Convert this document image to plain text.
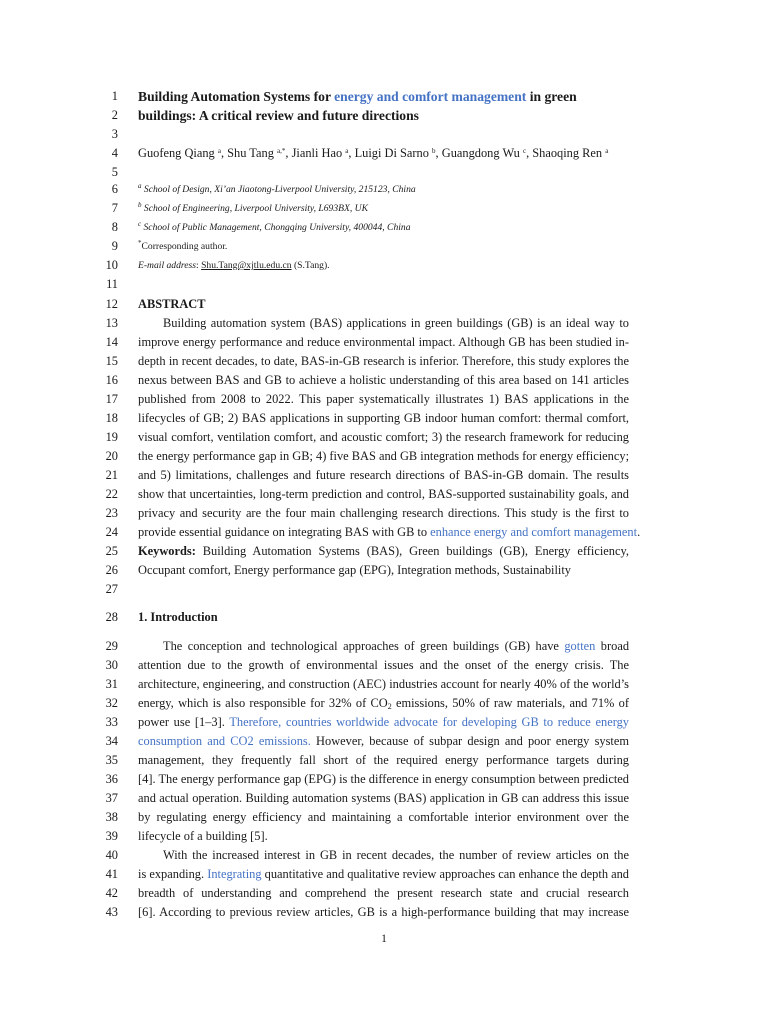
1
2
3
4
5
6
7
8
9
10
11
12
13
14
15
16
17
18
19
20
21
22
23
24
25
26
27
28
29
30
31
32
33
34
35
36
37
38
39
40
41
42
43
Building Automation Systems for energy and comfort management in green
buildings: A critical review and future directions
Guofeng Qiang $^a$, Shu Tang $^{a,*}$, Jianli Hao $^a$, Luigi Di Sarno $^b$, Guangdong Wu $^c$, Shaoqing Ren $^a$
$^a$ School of Design, Xi’an Jiaotong-Liverpool University, 215123, China
$^b$ School of Engineering, Liverpool University, L693BX, UK
$^c$ School of Public Management, Chongqing University, 400044, China
*Corresponding author.
E-mail address: Shu.Tang@xjtlu.edu.cn (S.Tang).
ABSTRACT
Building automation system (BAS) applications in green buildings (GB) is an ideal way to
improve energy performance and reduce environmental impact. Although GB has been studied in-
depth in recent decades, to date, BAS-in-GB research is inferior. Therefore, this study explores the
nexus between BAS and GB to achieve a holistic understanding of this area based on 141 articles
published from 2008 to 2022. This paper systematically illustrates 1) BAS applications in the
lifecycles of GB; 2) BAS applications in supporting GB indoor human comfort: thermal comfort,
visual comfort, ventilation comfort, and acoustic comfort; 3) the research framework for reducing
the energy performance gap in GB; 4) five BAS and GB integration methods for energy efficiency;
and 5) limitations, challenges and future research directions of BAS-in-GB domain. The results
show that uncertainties, long-term prediction and control, BAS-supported sustainability goals, and
privacy and security are the four main challenging research directions. This study is the first to
provide essential guidance on integrating BAS with GB to enhance energy and comfort management.
Keywords: Building Automation Systems (BAS), Green buildings (GB), Energy efficiency,
Occupant comfort, Energy performance gap (EPG), Integration methods, Sustainability
1. Introduction
The conception and technological approaches of green buildings (GB) have gotten broad
attention due to the growth of environmental issues and the onset of the energy crisis. The
architecture, engineering, and construction (AEC) industries account for nearly 40% of the world’s
energy, which is also responsible for 32% of $CO_2$ emissions, 50% of raw materials, and 71% of
power use [1–3]. Therefore, countries worldwide advocate for developing GB to reduce energy
consumption and CO2 emissions. However, because of subpar design and poor energy system
management, they frequently fall short of the required energy performance targets during
[4]. The energy performance gap (EPG) is the difference in energy consumption between predicted
and actual operation. Building automation systems (BAS) application in GB can address this issue
by regulating energy efficiency and maintaining a comfortable interior environment over the
lifecycle of a building [5].
With the increased interest in GB in recent decades, the number of review articles on the
is expanding. Integrating quantitative and qualitative review approaches can enhance the depth and
breadth of understanding and comprehend the present research state and crucial research
[6]. According to previous review articles, GB is a high-performance building that may increase
1
